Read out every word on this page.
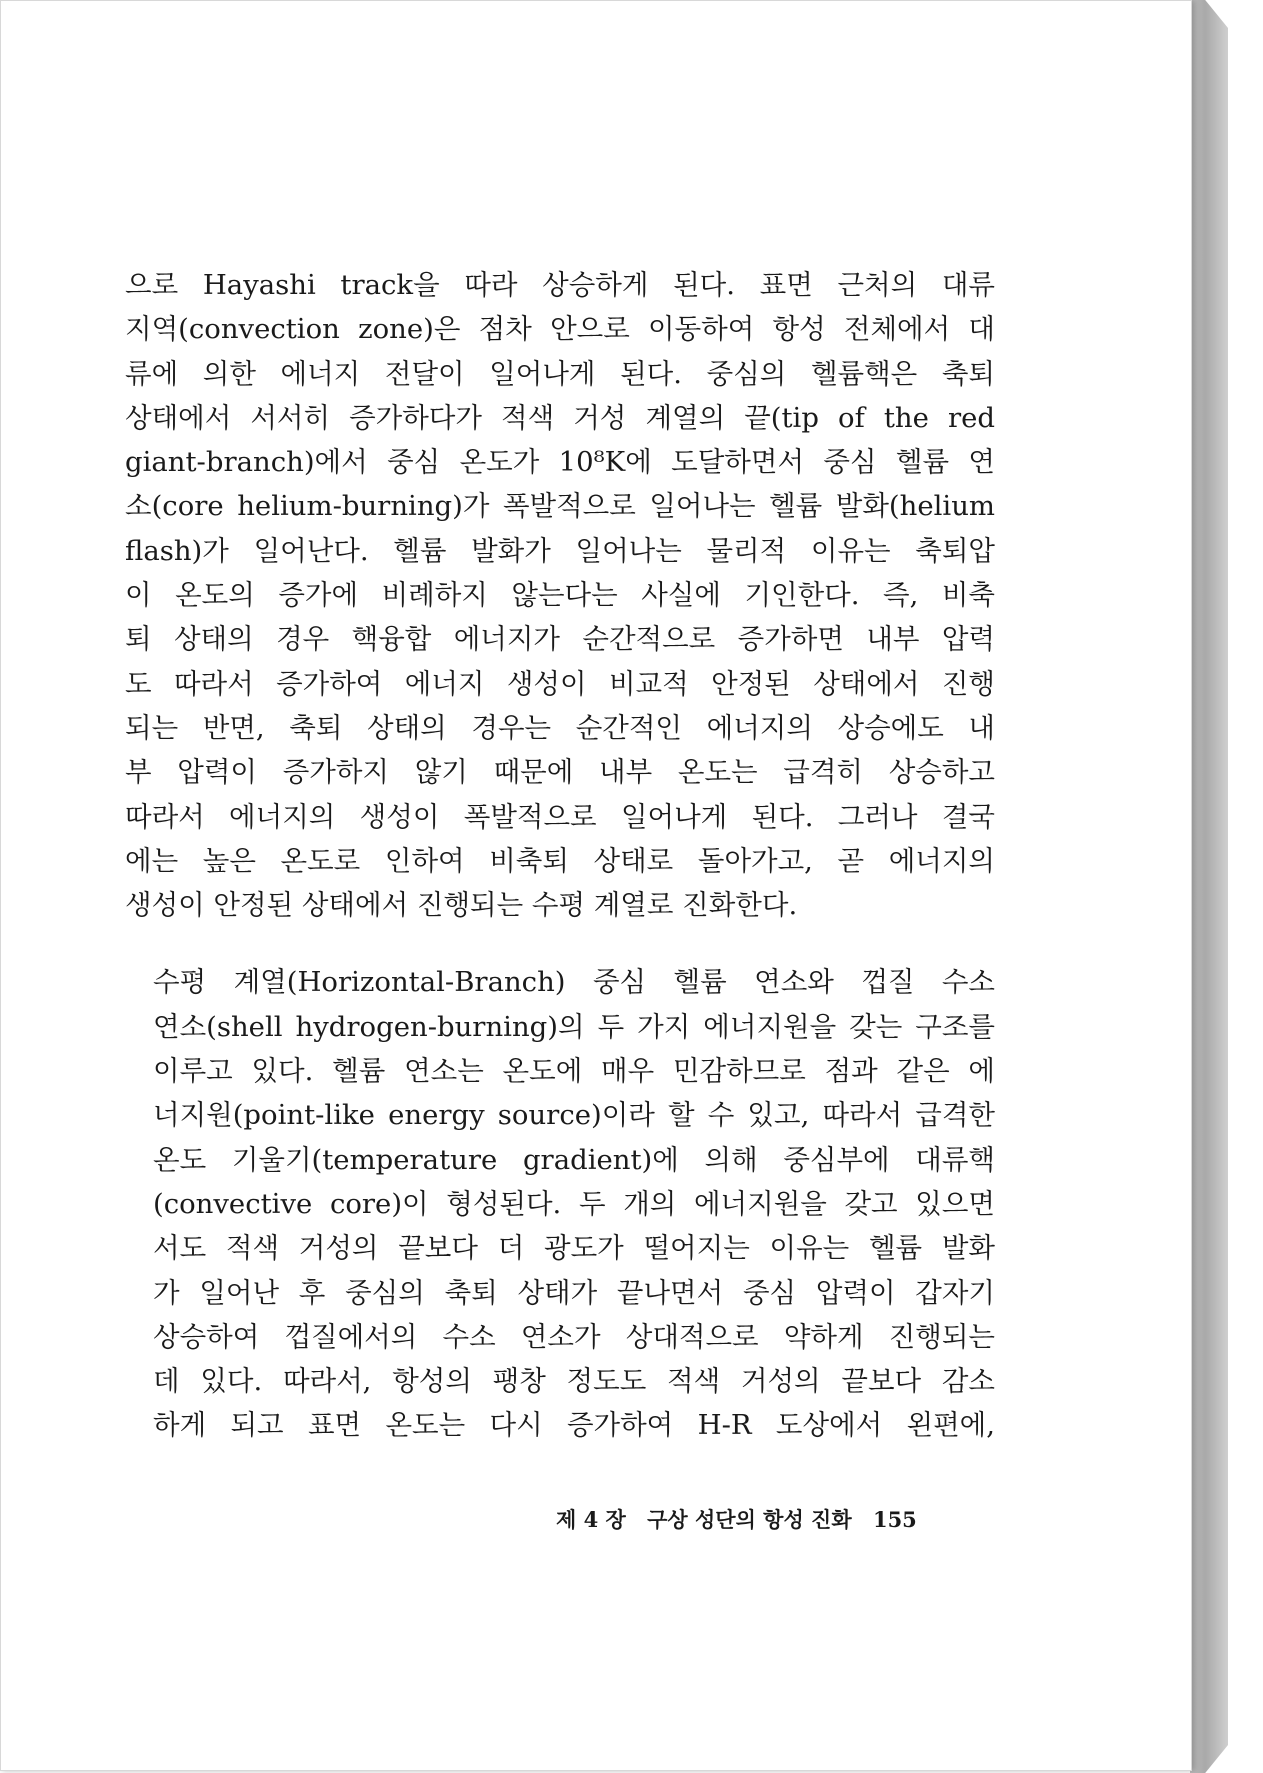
으로 Hayashi track을 따라 상승하게 된다. 표면 근처의 대류
지역(convection zone)은 점차 안으로 이동하여 항성 전체에서 대
류에 의한 에너지 전달이 일어나게 된다. 중심의 헬륨핵은 축퇴
상태에서 서서히 증가하다가 적색 거성 계열의 끝(tip of the red
giant-branch)에서 중심 온도가 10⁸K에 도달하면서 중심 헬륨 연
소(core helium-burning)가 폭발적으로 일어나는 헬륨 발화(helium
flash)가 일어난다. 헬륨 발화가 일어나는 물리적 이유는 축퇴압
이 온도의 증가에 비례하지 않는다는 사실에 기인한다. 즉, 비축
퇴 상태의 경우 핵융합 에너지가 순간적으로 증가하면 내부 압력
도 따라서 증가하여 에너지 생성이 비교적 안정된 상태에서 진행
되는 반면, 축퇴 상태의 경우는 순간적인 에너지의 상승에도 내
부 압력이 증가하지 않기 때문에 내부 온도는 급격히 상승하고
따라서 에너지의 생성이 폭발적으로 일어나게 된다. 그러나 결국
에는 높은 온도로 인하여 비축퇴 상태로 돌아가고, 곧 에너지의
생성이 안정된 상태에서 진행되는 수평 계열로 진화한다.

수평 계열(Horizontal-Branch) 중심 헬륨 연소와 껍질 수소
연소(shell hydrogen-burning)의 두 가지 에너지원을 갖는 구조를
이루고 있다. 헬륨 연소는 온도에 매우 민감하므로 점과 같은 에
너지원(point-like energy source)이라 할 수 있고, 따라서 급격한
온도 기울기(temperature gradient)에 의해 중심부에 대류핵
(convective core)이 형성된다. 두 개의 에너지원을 갖고 있으면
서도 적색 거성의 끝보다 더 광도가 떨어지는 이유는 헬륨 발화
가 일어난 후 중심의 축퇴 상태가 끝나면서 중심 압력이 갑자기
상승하여 껍질에서의 수소 연소가 상대적으로 약하게 진행되는
데 있다. 따라서, 항성의 팽창 정도도 적색 거성의 끝보다 감소
하게 되고 표면 온도는 다시 증가하여 H-R 도상에서 왼편에,

제 4 장 구상 성단의 항성 진화 155
